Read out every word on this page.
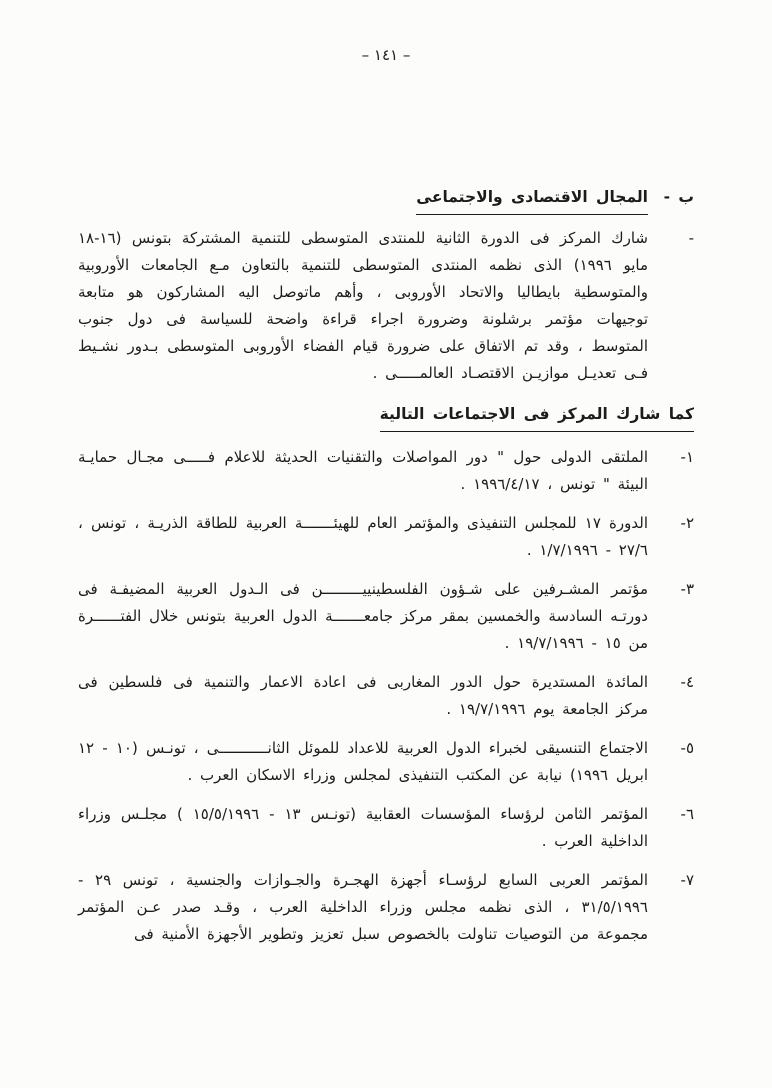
– ١٤١ –
ب -
المجال الاقتصادى والاجتماعى
-
شارك المركز فى الدورة الثانية للمنتدى المتوسطى للتنمية المشتركة بتونس (١٦-١٨ مايو ١٩٩٦) الذى نظمه المنتدى المتوسطى للتنمية بالتعاون مـع الجامعات الأوروبية والمتوسطية بايطاليا والاتحاد الأوروبى ، وأهم ماتوصل اليه المشاركون هو متابعة توجيهات مؤتمر برشلونة وضرورة اجراء قراءة واضحة للسياسة فى دول جنوب المتوسط ، وقد تم الاتفاق على ضرورة قيام الفضاء الأوروبى المتوسطى بـدور نشـيط فـى تعديـل موازيـن الاقتصـاد العالمـــــى .
كما شارك المركز فى الاجتماعات التالية
١-
الملتقى الدولى حول " دور المواصلات والتقنيات الحديثة للاعلام فـــــى مجـال حمايـة البيئة " تونس ، ١٩٩٦/٤/١٧ .
٢-
الدورة ١٧ للمجلس التنفيذى والمؤتمر العام للهيئـــــــة العربية للطاقة الذريـة ، تونس ، ٢٧/٦ - ١/٧/١٩٩٦ .
٣-
مؤتمر المشـرفين على شـؤون الفلسطينييـــــــــن فى الـدول العربية المضيفـة فى دورتـه السادسة والخمسين بمقر مركز جامعـــــــة الدول العربية بتونس خلال الفتــــــرة من ١٥ - ١٩/٧/١٩٩٦ .
٤-
المائدة المستديرة حول الدور المغاربى فى اعادة الاعمار والتنمية فى فلسطين فى مركز الجامعة يوم ١٩/٧/١٩٩٦ .
٥-
الاجتماع التنسيقى لخبراء الدول العربية للاعداد للموئل الثانـــــــــــى ، تونـس (١٠ - ١٢ ابريل ١٩٩٦) نيابة عن المكتب التنفيذى لمجلس وزراء الاسكان العرب .
٦-
المؤتمر الثامن لرؤساء المؤسسات العقابية (تونـس ١٣ - ١٥/٥/١٩٩٦ ) مجلـس وزراء الداخلية العرب .
٧-
المؤتمر العربى السابع لرؤسـاء أجهزة الهجـرة والجـوازات والجنسية ، تونس ٢٩ - ٣١/٥/١٩٩٦ ، الذى نظمه مجلس وزراء الداخلية العرب ، وقـد صدر عـن المؤتمر مجموعة من التوصيات تناولت بالخصوص سبل تعزيز وتطوير الأجهزة الأمنية فى
